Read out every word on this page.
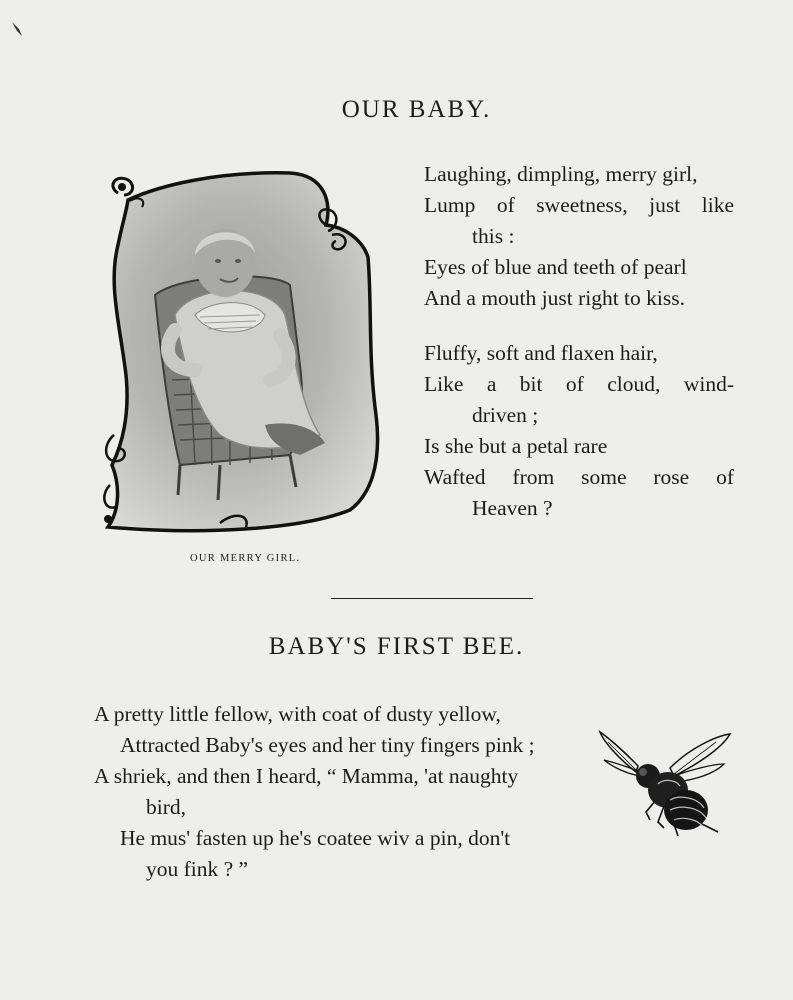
OUR BABY.

OUR MERRY GIRL.

Laughing, dimpling, merry girl,
Lump of sweetness, just like
this :
Eyes of blue and teeth of pearl
And a mouth just right to kiss.
Fluffy, soft and flaxen hair,
Like a bit of cloud, wind-
driven ;
Is she but a petal rare
Wafted from some rose of
Heaven ?
BABY'S FIRST BEE.
A pretty little fellow, with coat of dusty yellow,
Attracted Baby's eyes and her tiny fingers pink ;
A shriek, and then I heard, “ Mamma, 'at naughty
bird,
He mus' fasten up he's coatee wiv a pin, don't
you fink ? ”
